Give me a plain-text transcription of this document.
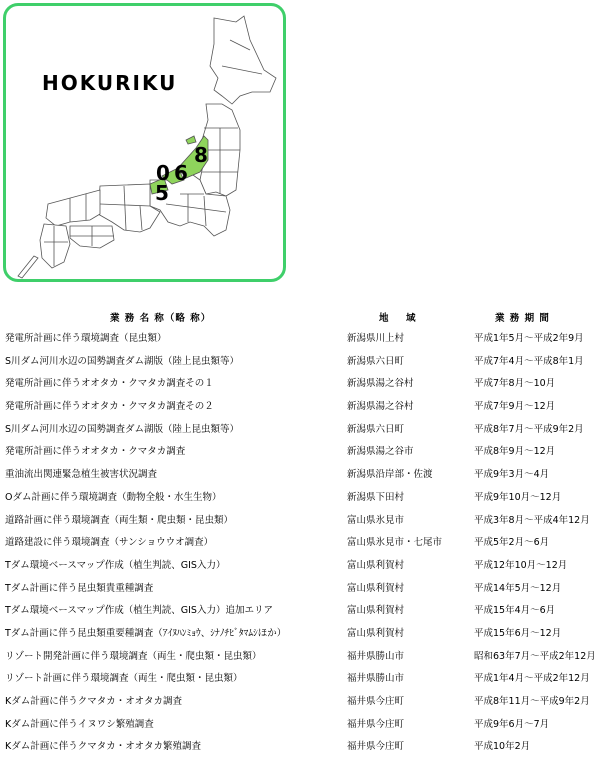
0 6
8
5
HOKURIKU
業 務 名 称（略 称）	地　域	業 務 期 間
発電所計画に伴う環境調査（昆虫類）	新潟県川上村	平成1年5月～平成2年9月
S川ダム河川水辺の国勢調査ダム湖版（陸上昆虫類等）	新潟県六日町	平成7年4月～平成8年1月
発電所計画に伴うオオタカ・クマタカ調査その１	新潟県湯之谷村	平成7年8月～10月
発電所計画に伴うオオタカ・クマタカ調査その２	新潟県湯之谷村	平成7年9月～12月
S川ダム河川水辺の国勢調査ダム湖版（陸上昆虫類等）	新潟県六日町	平成8年7月～平成9年2月
発電所計画に伴うオオタカ・クマタカ調査	新潟県湯之谷市	平成8年9月～12月
重油流出関連緊急植生被害状況調査	新潟県沿岸部・佐渡	平成9年3月～4月
Oダム計画に伴う環境調査（動物全般・水生生物）	新潟県下田村	平成9年10月～12月
道路計画に伴う環境調査（両生類・爬虫類・昆虫類）	富山県氷見市	平成3年8月～平成4年12月
道路建設に伴う環境調査（サンショウウオ調査）	富山県氷見市・七尾市	平成5年2月～6月
Tダム環境ベースマップ作成（植生判読、GIS入力）	富山県利賀村	平成12年10月～12月
Tダム計画に伴う昆虫類貴重種調査	富山県利賀村	平成14年5月～12月
Tダム環境ベースマップ作成（植生判読、GIS入力）追加エリア	富山県利賀村	平成15年4月～6月
Tダム計画に伴う昆虫類重要種調査（ｱｲﾇﾊﾝﾐｮｳ、ｼﾅﾉﾁﾋﾞﾀﾏﾑｼほか）	富山県利賀村	平成15年6月～12月
リゾート開発計画に伴う環境調査（両生・爬虫類・昆虫類）	福井県勝山市	昭和63年7月～平成2年12月
リゾート計画に伴う環境調査（両生・爬虫類・昆虫類）	福井県勝山市	平成1年4月～平成2年12月
Kダム計画に伴うクマタカ・オオタカ調査	福井県今庄町	平成8年11月～平成9年2月
Kダム計画に伴うイヌワシ繁殖調査	福井県今庄町	平成9年6月～7月
Kダム計画に伴うクマタカ・オオタカ繁殖調査	福井県今庄町	平成10年2月
